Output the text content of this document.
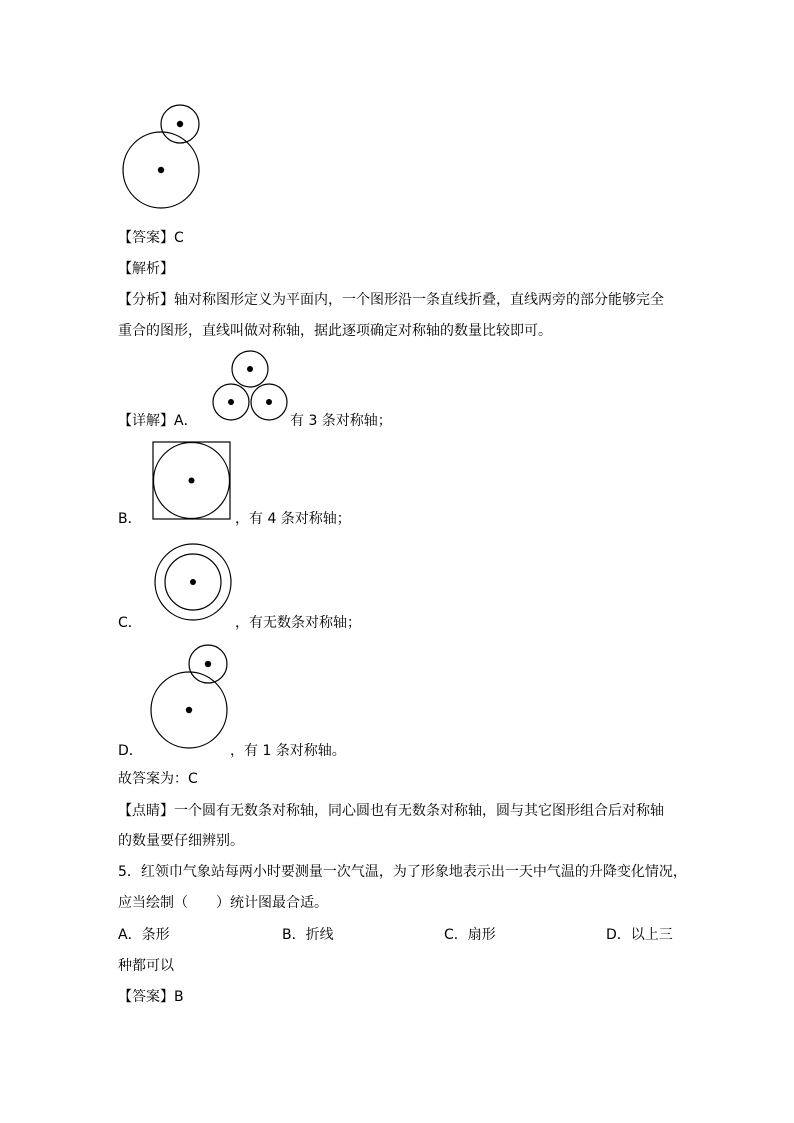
【答案】C
【解析】
【分析】轴对称图形定义为平面内，一个图形沿一条直线折叠，直线两旁的部分能够完全
重合的图形，直线叫做对称轴，据此逐项确定对称轴的数量比较即可。
【详解】A．	有 3 条对称轴；
B．	，有 4 条对称轴；
C．	，有无数条对称轴；
D．	，有 1 条对称轴。
故答案为：C
【点睛】一个圆有无数条对称轴，同心圆也有无数条对称轴，圆与其它图形组合后对称轴
的数量要仔细辨别。
5．红领巾气象站每两小时要测量一次气温，为了形象地表示出一天中气温的升降变化情况，
应当绘制（　　）统计图最合适。
A．条形	B．折线	C．扇形	D．以上三
种都可以
【答案】B
